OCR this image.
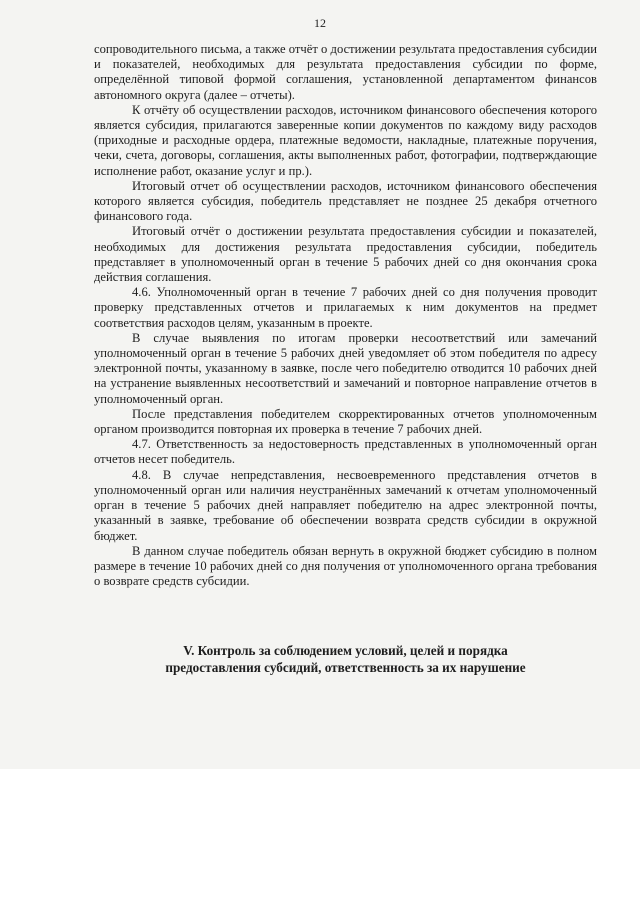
12

сопроводительного письма, а также отчёт о достижении результата предоставления субсидии и показателей, необходимых для результата предоставления субсидии по форме, определённой типовой формой соглашения, установленной департаментом финансов автономного округа (далее – отчеты).

К отчёту об осуществлении расходов, источником финансового обеспечения которого является субсидия, прилагаются заверенные копии документов по каждому виду расходов (приходные и расходные ордера, платежные ведомости, накладные, платежные поручения, чеки, счета, договоры, соглашения, акты выполненных работ, фотографии, подтверждающие исполнение работ, оказание услуг и пр.).

Итоговый отчет об осуществлении расходов, источником финансового обеспечения которого является субсидия, победитель представляет не позднее 25 декабря отчетного финансового года.

Итоговый отчёт о достижении результата предоставления субсидии и показателей, необходимых для достижения результата предоставления субсидии, победитель представляет в уполномоченный орган в течение 5 рабочих дней со дня окончания срока действия соглашения.

4.6. Уполномоченный орган в течение 7 рабочих дней со дня получения проводит проверку представленных отчетов и прилагаемых к ним документов на предмет соответствия расходов целям, указанным в проекте.

В случае выявления по итогам проверки несоответствий или замечаний уполномоченный орган в течение 5 рабочих дней уведомляет об этом победителя по адресу электронной почты, указанному в заявке, после чего победителю отводится 10 рабочих дней на устранение выявленных несоответствий и замечаний и повторное направление отчетов в уполномоченный орган.

После представления победителем скорректированных отчетов уполномоченным органом производится повторная их проверка в течение 7 рабочих дней.

4.7. Ответственность за недостоверность представленных в уполномоченный орган отчетов несет победитель.

4.8. В случае непредставления, несвоевременного представления отчетов в уполномоченный орган или наличия неустранённых замечаний к отчетам уполномоченный орган в течение 5 рабочих дней направляет победителю на адрес электронной почты, указанный в заявке, требование об обеспечении возврата средств субсидии в окружной бюджет.

В данном случае победитель обязан вернуть в окружной бюджет субсидию в полном размере в течение 10 рабочих дней со дня получения от уполномоченного органа требования о возврате средств субсидии.

V. Контроль за соблюдением условий, целей и порядка
предоставления субсидий, ответственность за их нарушение
